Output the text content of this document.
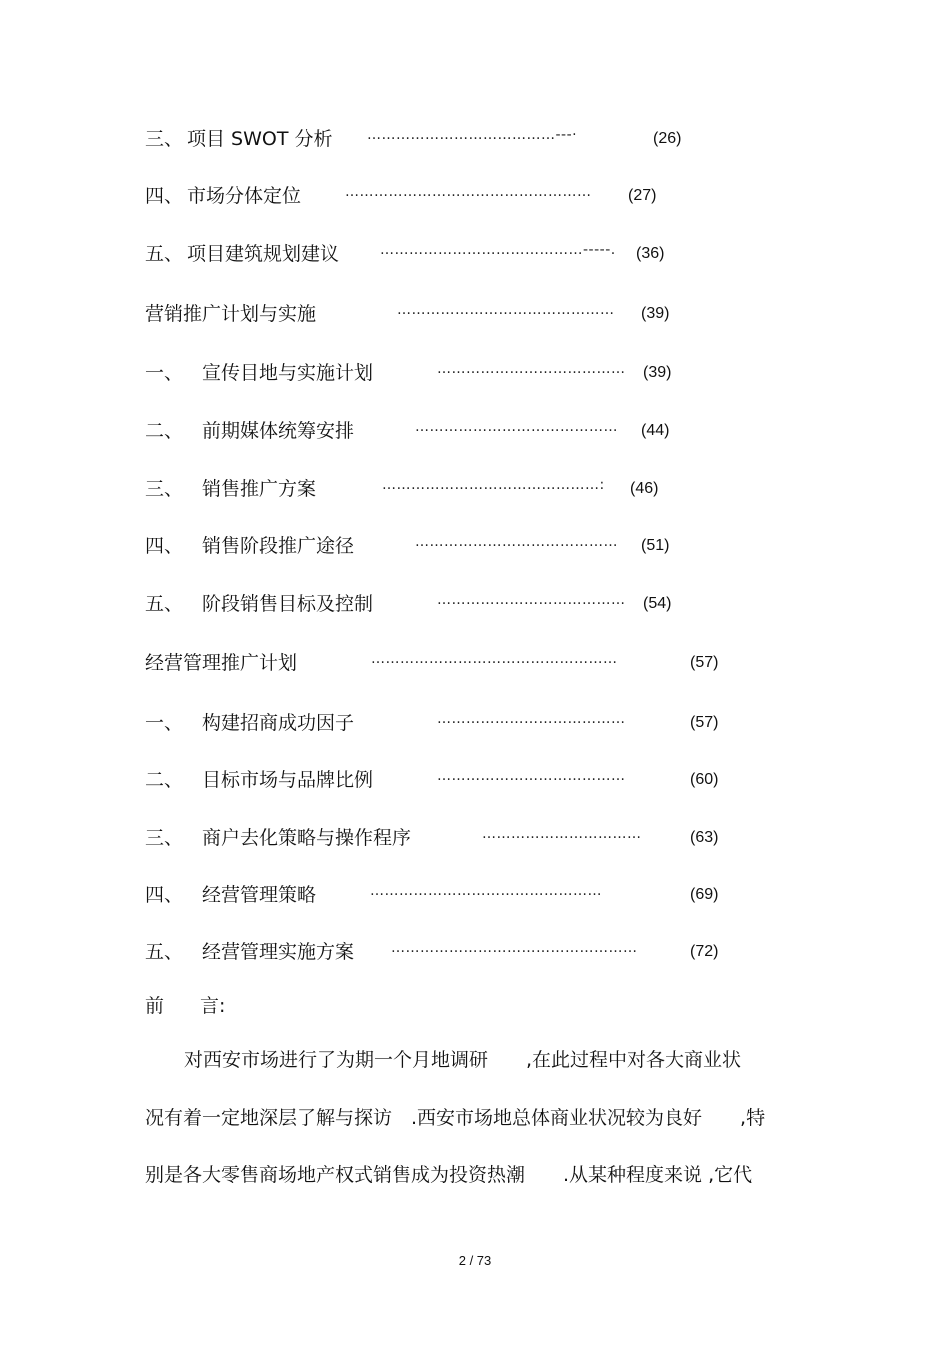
三、 项目 SWOT 分析 …………………………………---·	(26)
四、 市场分体定位	……………………………………………	(27)
五、 项目建筑规划建议	……………………………………-----.	(36)
营销推广计划与实施	………………………………………	(39)
一、 宣传目地与实施计划	…………………………………	(39)
二、 前期媒体统筹安排	……………………………………	(44)
三、 销售推广方案	………………………………………:	(46)
四、 销售阶段推广途径	……………………………………	(51)
五、 阶段销售目标及控制	…………………………………	(54)
经营管理推广计划	……………………………………………	(57)
一、 构建招商成功因子	…………………………………	(57)
二、 目标市场与品牌比例	…………………………………	(60)
三、 商户去化策略与操作程序	……………………………	(63)
四、 经营管理策略	…………………………………………	(69)
五、 经营管理实施方案	……………………………………………	(72)
前 言:
对西安市场进行了为期一个月地调研　　,在此过程中对各大商业状
况有着一定地深层了解与探访　.西安市场地总体商业状况较为良好　　,特
别是各大零售商场地产权式销售成为投资热潮　　.从某种程度来说 ,它代
2 / 73
